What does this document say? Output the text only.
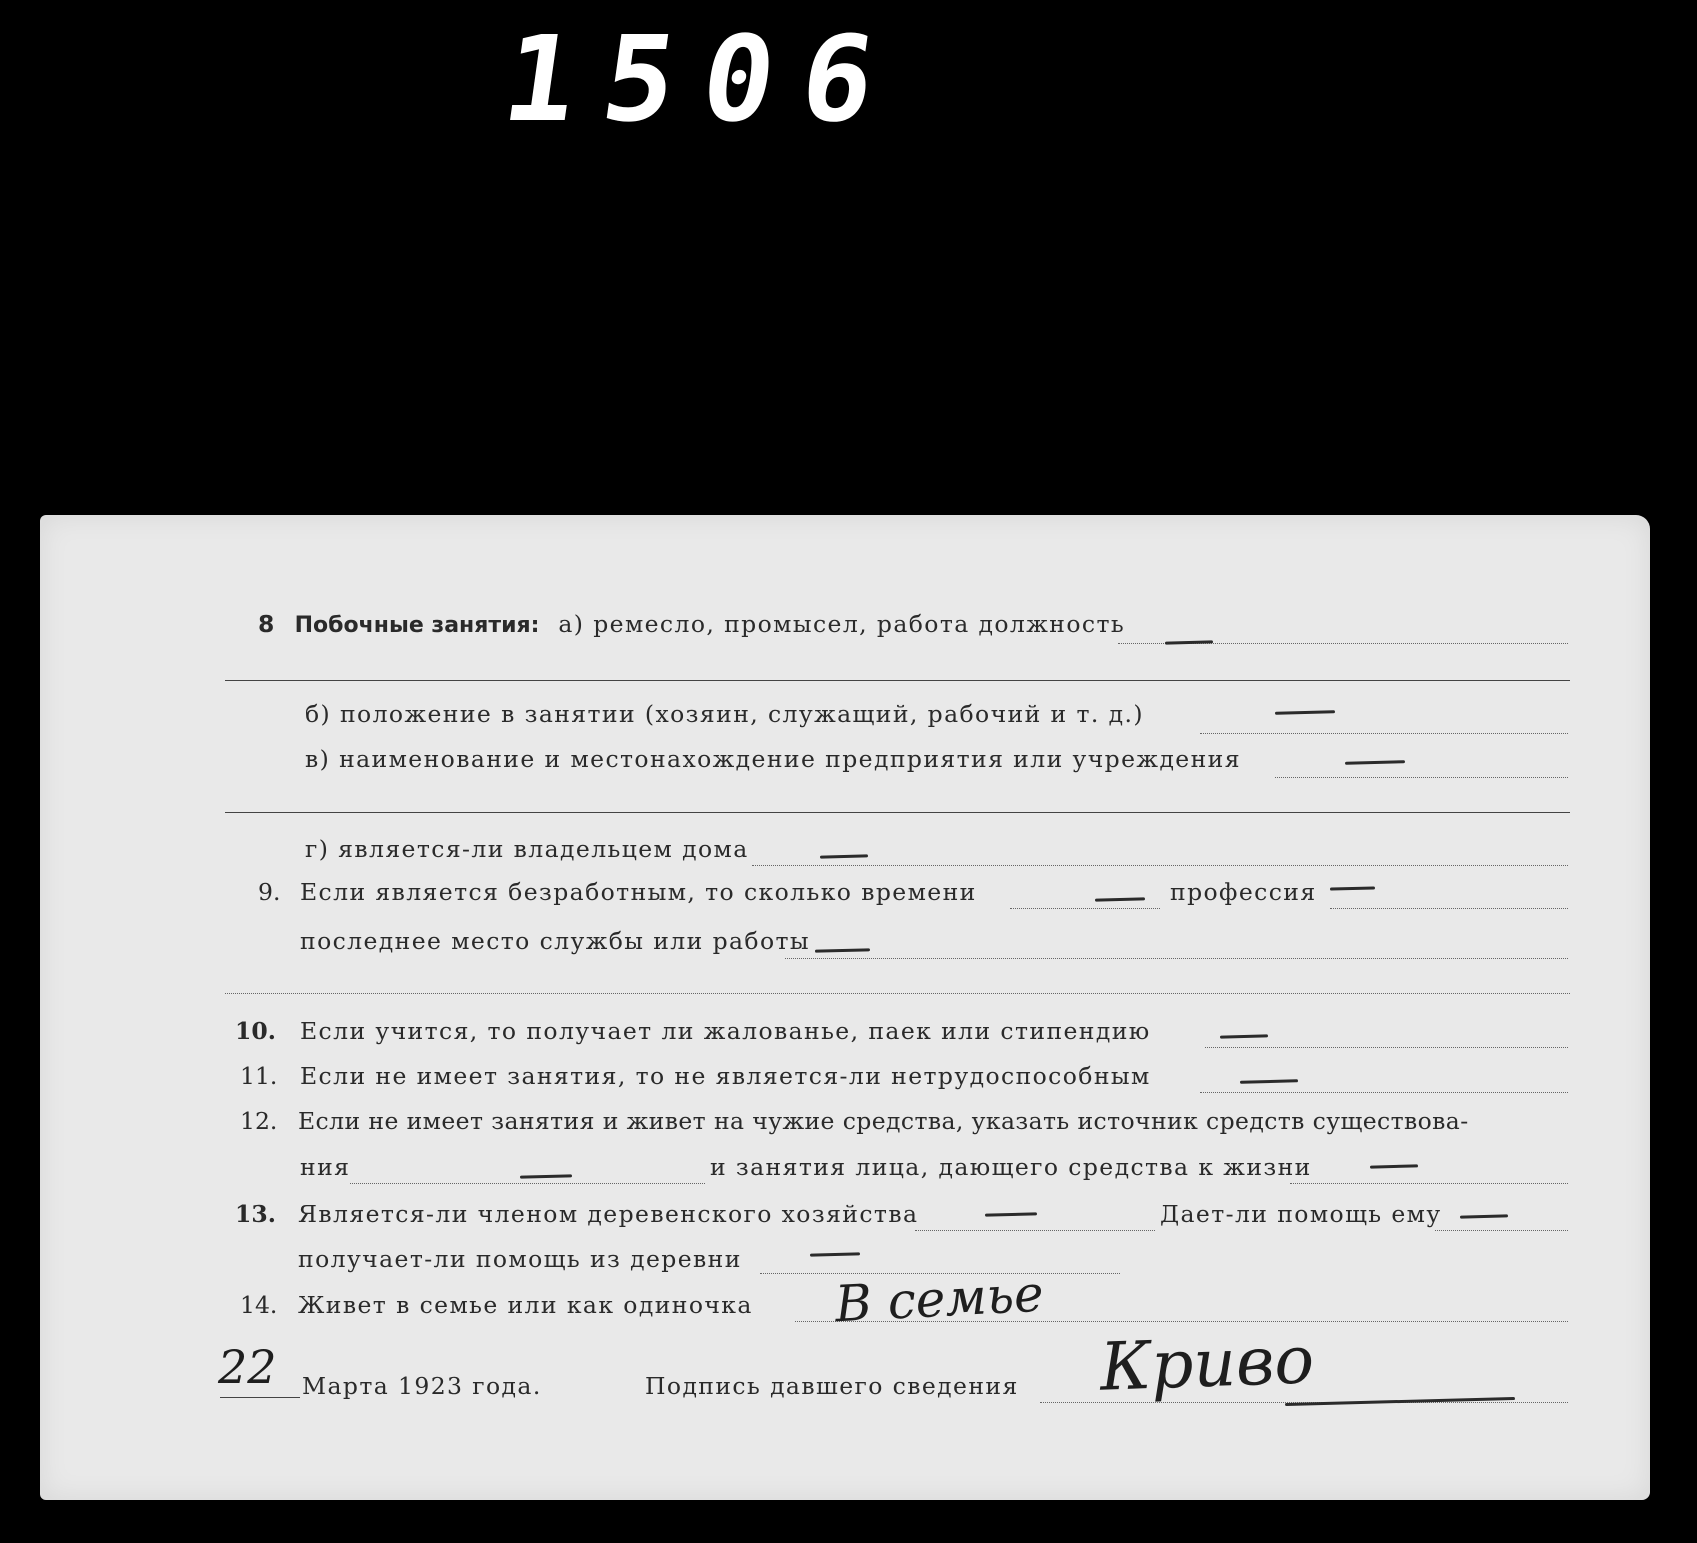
1506
8 Побочные занятия: а) ремесло, промысел, работа должность
б) положение в занятии (хозяин, служащий, рабочий и т. д.)
в) наименование и местонахождение предприятия или учреждения
г) является-ли владельцем дома
9. Если является безработным, то сколько времени	профессия
последнее место службы или работы
10. Если учится, то получает ли жалованье, паек или стипендию
11. Если не имеет занятия, то не является-ли нетрудоспособным
12. Если не имеет занятия и живет на чужие средства, указать источник средств существова-
ния	и занятия лица, дающего средства к жизни
13. Является-ли членом деревенского хозяйства	Дает-ли помощь ему
получает-ли помощь из деревни
14. Живет в семье или как одиночка В семье
22 Марта 1923 года.	Подпись давшего сведения Криво
